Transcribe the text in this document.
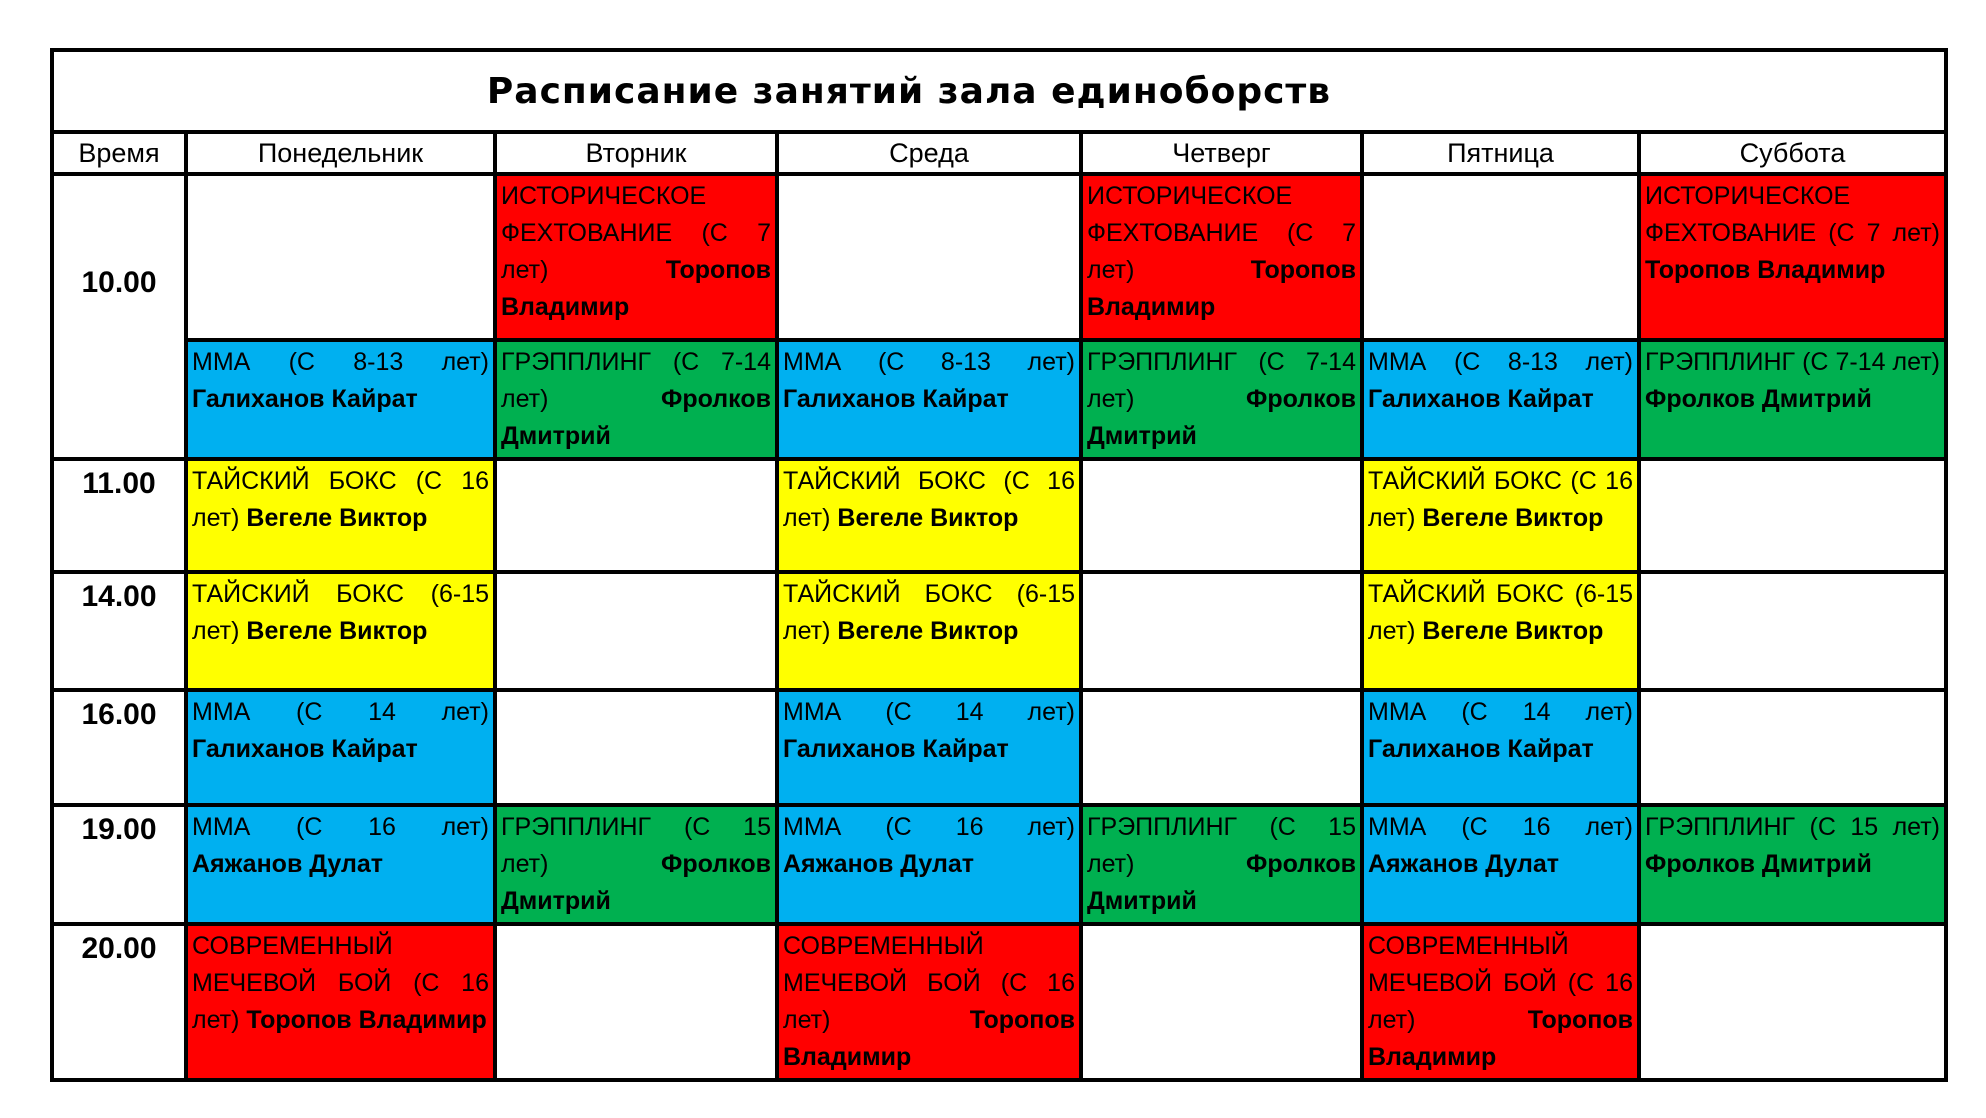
Расписание занятий зала единоборств						
Время	Понедельник	Вторник	Среда	Четверг	Пятница	Суббота
10.00		ИСТОРИЧЕСКОЕ ФЕХТОВАНИЕ (С 7 лет) Торопов Владимир		ИСТОРИЧЕСКОЕ ФЕХТОВАНИЕ (С 7 лет) Торопов Владимир		ИСТОРИЧЕСКОЕ ФЕХТОВАНИЕ (С 7 лет) Торопов Владимир

	ММА (С 8-13 лет) Галиханов Кайрат	ГРЭППЛИНГ (С 7-14 лет) Фролков Дмитрий	ММА (С 8-13 лет) Галиханов Кайрат	ГРЭППЛИНГ (С 7-14 лет) Фролков Дмитрий	ММА (С 8-13 лет) Галиханов Кайрат	ГРЭППЛИНГ (С 7-14 лет) Фролков Дмитрий

11.00	ТАЙСКИЙ БОКС (С 16 лет) Вегеле Виктор		ТАЙСКИЙ БОКС (С 16 лет) Вегеле Виктор		ТАЙСКИЙ БОКС (С 16 лет) Вегеле Виктор	

14.00	ТАЙСКИЙ БОКС (6-15 лет) Вегеле Виктор		ТАЙСКИЙ БОКС (6-15 лет) Вегеле Виктор		ТАЙСКИЙ БОКС (6-15 лет) Вегеле Виктор	

16.00	ММА (С 14 лет) Галиханов Кайрат		ММА (С 14 лет) Галиханов Кайрат		ММА (С 14 лет) Галиханов Кайрат	

19.00	ММА (С 16 лет) Аяжанов Дулат	ГРЭППЛИНГ (С 15 лет) Фролков Дмитрий	ММА (С 16 лет) Аяжанов Дулат	ГРЭППЛИНГ (С 15 лет) Фролков Дмитрий	ММА (С 16 лет) Аяжанов Дулат	ГРЭППЛИНГ (С 15 лет) Фролков Дмитрий

20.00	СОВРЕМЕННЫЙ МЕЧЕВОЙ БОЙ (С 16 лет) Торопов Владимир		СОВРЕМЕННЫЙ МЕЧЕВОЙ БОЙ (С 16 лет) Торопов Владимир		СОВРЕМЕННЫЙ МЕЧЕВОЙ БОЙ (С 16 лет) Торопов Владимир	
